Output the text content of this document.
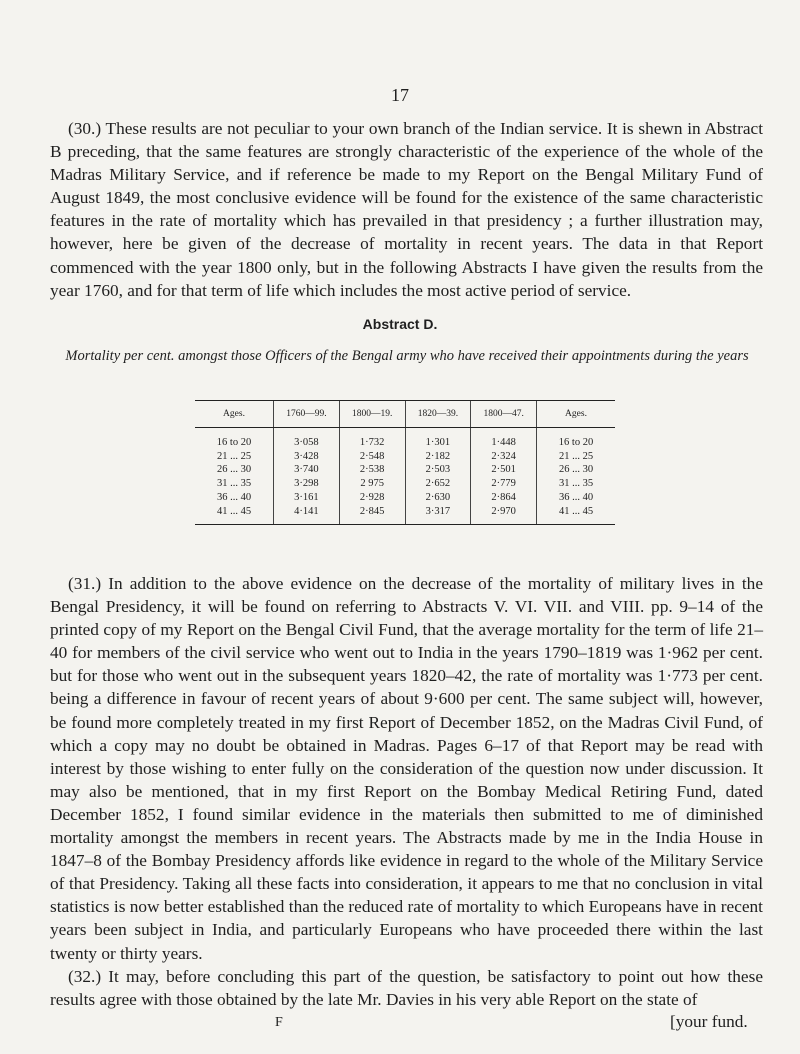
17

(30.) These results are not peculiar to your own branch of the Indian service. It is shewn in Abstract B preceding, that the same features are strongly characteristic of the experience of the whole of the Madras Military Service, and if reference be made to my Report on the Bengal Military Fund of August 1849, the most conclusive evidence will be found for the existence of the same characteristic features in the rate of mortality which has prevailed in that presidency ; a further illustration may, however, here be given of the decrease of mortality in recent years. The data in that Report commenced with the year 1800 only, but in the following Abstracts I have given the results from the year 1760, and for that term of life which includes the most active period of service.

Abstract D.
Mortality per cent. amongst those Officers of the Bengal army who have received their appointments during the years
Ages.	1760—99.	1800—19.	1820—39.	1800—47.	Ages.
16 to 20	3·058	1·732	1·301	1·448	16 to 20
21 ... 25	3·428	2·548	2·182	2·324	21 ... 25
26 ... 30	3·740	2·538	2·503	2·501	26 ... 30
31 ... 35	3·298	2 975	2·652	2·779	31 ... 35
36 ... 40	3·161	2·928	2·630	2·864	36 ... 40
41 ... 45	4·141	2·845	3·317	2·970	41 ... 45

(31.) In addition to the above evidence on the decrease of the mortality of military lives in the Bengal Presidency, it will be found on referring to Abstracts V. VI. VII. and VIII. pp. 9–14 of the printed copy of my Report on the Bengal Civil Fund, that the average mortality for the term of life 21–40 for members of the civil service who went out to India in the years 1790–1819 was 1·962 per cent. but for those who went out in the subsequent years 1820–42, the rate of mortality was 1·773 per cent. being a difference in favour of recent years of about 9·600 per cent. The same subject will, however, be found more completely treated in my first Report of December 1852, on the Madras Civil Fund, of which a copy may no doubt be obtained in Madras. Pages 6–17 of that Report may be read with interest by those wishing to enter fully on the consideration of the question now under discussion. It may also be mentioned, that in my first Report on the Bombay Medical Retiring Fund, dated December 1852, I found similar evidence in the materials then submitted to me of diminished mortality amongst the members in recent years. The Abstracts made by me in the India House in 1847–8 of the Bombay Presidency affords like evidence in regard to the whole of the Military Service of that Presidency. Taking all these facts into consideration, it appears to me that no conclusion in vital statistics is now better established than the reduced rate of mortality to which Europeans have in recent years been subject in India, and particularly Europeans who have proceeded there within the last twenty or thirty years.

(32.) It may, before concluding this part of the question, be satisfactory to point out how these results agree with those obtained by the late Mr. Davies in his very able Report on the state of

F	[your fund.
